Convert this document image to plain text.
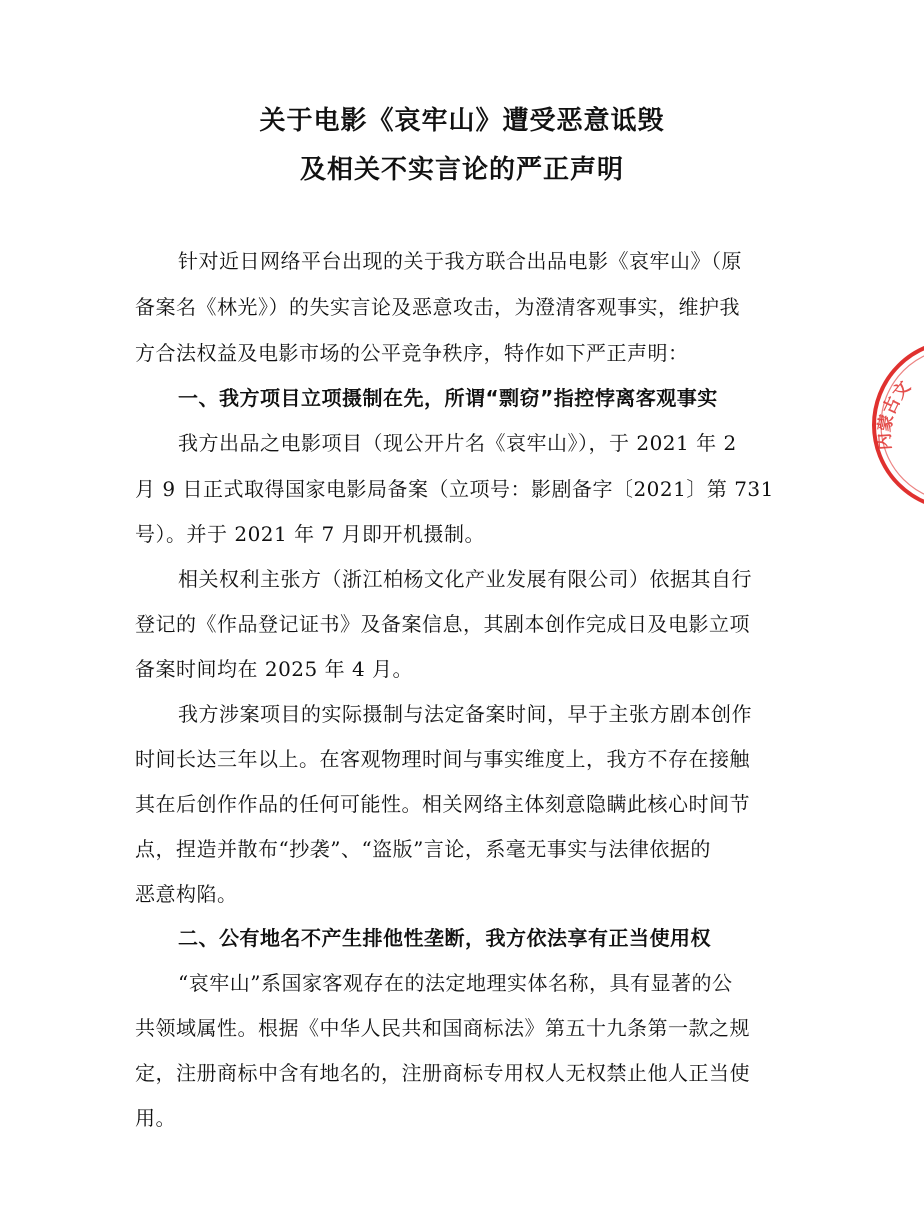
关于电影《哀牢山》遭受恶意诋毁
及相关不实言论的严正声明
针对近日网络平台出现的关于我方联合出品电影《哀牢山》（原
备案名《林光》）的失实言论及恶意攻击，为澄清客观事实，维护我
方合法权益及电影市场的公平竞争秩序，特作如下严正声明：
一、我方项目立项摄制在先，所谓“剽窃”指控悖离客观事实
我方出品之电影项目（现公开片名《哀牢山》），于 2021 年 2
月 9 日正式取得国家电影局备案（立项号：影剧备字〔2021〕第 731
号）。并于 2021 年 7 月即开机摄制。
相关权利主张方（浙江柏杨文化产业发展有限公司）依据其自行
登记的《作品登记证书》及备案信息，其剧本创作完成日及电影立项
备案时间均在 2025 年 4 月。
我方涉案项目的实际摄制与法定备案时间，早于主张方剧本创作
时间长达三年以上。在客观物理时间与事实维度上，我方不存在接触
其在后创作作品的任何可能性。相关网络主体刻意隐瞒此核心时间节
点，捏造并散布“抄袭”、“盗版”言论，系毫无事实与法律依据的
恶意构陷。
二、公有地名不产生排他性垄断，我方依法享有正当使用权
“哀牢山”系国家客观存在的法定地理实体名称，具有显著的公
共领域属性。根据《中华人民共和国商标法》第五十九条第一款之规
定，注册商标中含有地名的，注册商标专用权人无权禁止他人正当使
用。
内蒙古文
